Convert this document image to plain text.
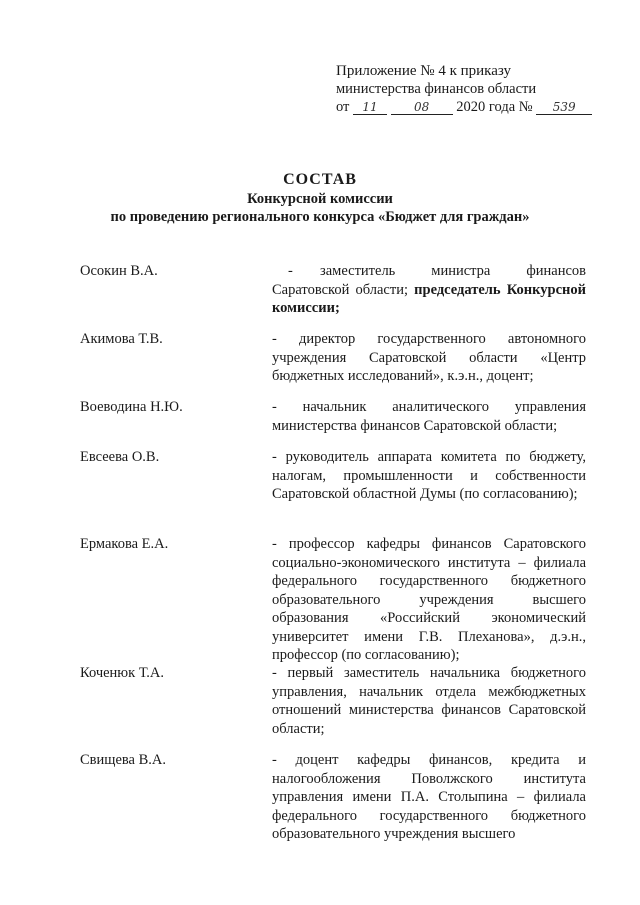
Приложение № 4 к приказу
министерства финансов области
от 11	08 2020 года № 539
СОСТАВ
Конкурсной комиссии
по проведению регионального конкурса «Бюджет для граждан»
Осокин В.А.	- заместитель министра финансов Саратовской области; председатель Конкурсной комиссии;
Акимова Т.В.	- директор государственного автономного учреждения Саратовской области «Центр бюджетных исследований», к.э.н., доцент;
Воеводина Н.Ю.	- начальник аналитического управления министерства финансов Саратовской области;
Евсеева О.В.	- руководитель аппарата комитета по бюджету, налогам, промышленности и собственности Саратовской областной Думы (по согласованию);
Ермакова Е.А.	- профессор кафедры финансов Саратовского социально-экономического института – филиала федерального государственного бюджетного образовательного учреждения высшего образования «Российский экономический университет имени Г.В. Плеханова», д.э.н., профессор (по согласованию);
Коченюк Т.А.	- первый заместитель начальника бюджетного управления, начальник отдела межбюджетных отношений министерства финансов Саратовской области;
Свищева В.А.	- доцент кафедры финансов, кредита и налогообложения Поволжского института управления имени П.А. Столыпина – филиала федерального государственного бюджетного образовательного учреждения высшего
